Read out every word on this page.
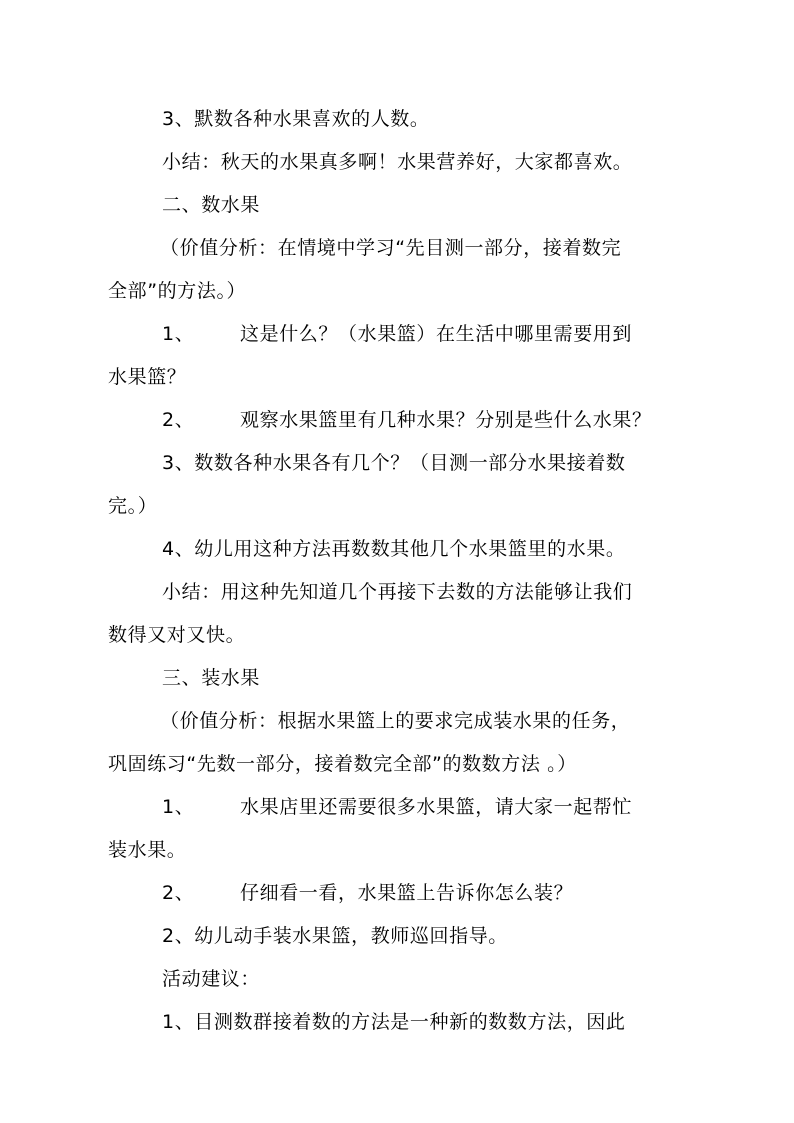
3、默数各种水果喜欢的人数。
小结：秋天的水果真多啊！水果营养好，大家都喜欢。
二、数水果
（价值分析：在情境中学习“先目测一部分，接着数完
全部”的方法。）
1、 这是什么？（水果篮）在生活中哪里需要用到
水果篮？
2、 观察水果篮里有几种水果？分别是些什么水果？
3、数数各种水果各有几个？（目测一部分水果接着数
完。）
4、幼儿用这种方法再数数其他几个水果篮里的水果。
小结：用这种先知道几个再接下去数的方法能够让我们
数得又对又快。
三、装水果
（价值分析：根据水果篮上的要求完成装水果的任务，
巩固练习“先数一部分，接着数完全部”的数数方法 。）
1、 水果店里还需要很多水果篮，请大家一起帮忙
装水果。
2、 仔细看一看，水果篮上告诉你怎么装？
2、幼儿动手装水果篮，教师巡回指导。
活动建议：
1、目测数群接着数的方法是一种新的数数方法，因此
